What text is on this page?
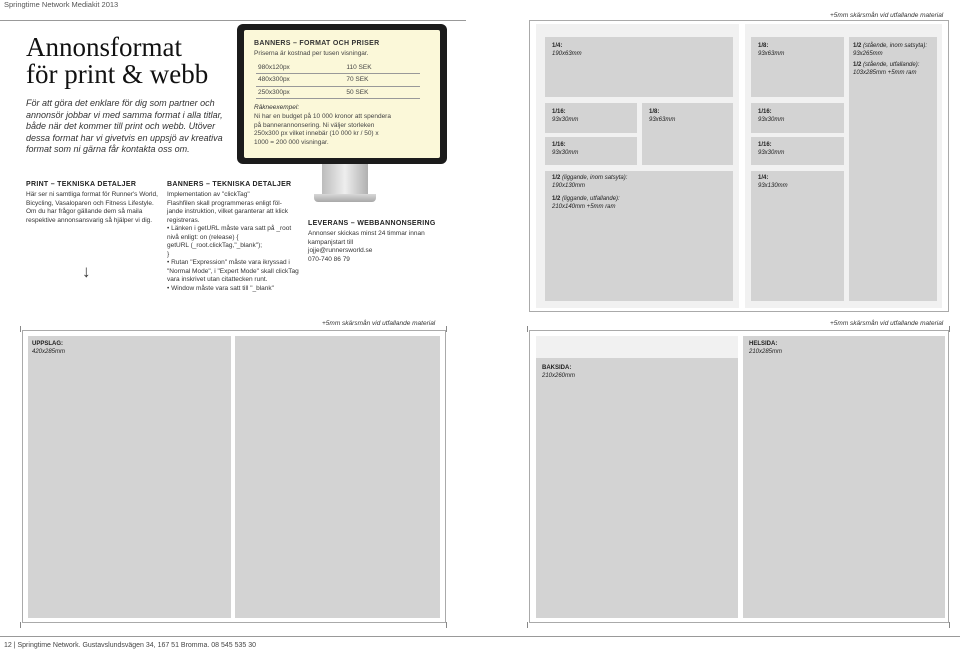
Springtime Network Mediakit 2013
+5mm skärsmån vid utfallande material
Annonsformat
för print & webb
För att göra det enklare för dig som partner och annonsör jobbar vi med samma format i alla titlar, både när det kommer till print och webb. Utöver dessa format har vi givetvis en uppsjö av kreativa format som ni gärna får kontakta oss om.
BANNERS – FORMAT OCH PRISER
Priserna är kostnad per tusen visningar.
980x120px	110 SEK
480x300px	70 SEK
250x300px	50 SEK
Räkneexempel:
Ni har en budget på 10 000 kronor att spendera på bannerannonsering. Ni väljer storleken 250x300 px vilket innebär (10 000 kr / 50) x 1000 = 200 000 visningar.
PRINT – TEKNISKA DETALJER
Här ser ni samtliga format för Runner's World, Bicycling, Vasaloparen och Fitness Lifestyle. Om du har frågor gällande dem så maila respektive annonsansvarig så hjälper vi dig.
↓
BANNERS – TEKNISKA DETALJER
Implementation av "clickTag"
Flashfilen skall programmeras enligt föl-
jande instruktion, vilket garanterar att klick
registreras.
• Länken i getURL måste vara satt på _root
nivå enligt: on (release) {
getURL (_root.clickTag,"_blank");
}
• Rutan "Expression" måste vara ikryssad i
"Normal Mode", i "Expert Mode" skall clickTag
vara inskrivet utan citattecken runt.
• Window måste vara satt till "_blank"
LEVERANS – WEBBANNONSERING
Annonser skickas minst 24 timmar innan
kampanjstart till
jojje@runnersworld.se
070-740 86 79
1/4:
190x63mm
1/16:
93x30mm
1/8:
93x63mm
1/16:
93x30mm
1/2 (liggande, inom satsyta):
190x130mm
1/2 (liggande, utfallande):
210x140mm +5mm ram
1/8:
93x63mm
1/16:
93x30mm
1/16:
93x30mm
1/2 (stående, inom satsyta):
93x265mm
1/2 (stående, utfallande):
103x285mm +5mm ram
1/4:
93x130mm
+5mm skärsmån vid utfallande material	+5mm skärsmån vid utfallande material
UPPSLAG:
420x285mm
BAKSIDA:
210x260mm
HELSIDA:
210x285mm
12 | Springtime Network. Gustavslundsvägen 34, 167 51 Bromma. 08 545 535 30
